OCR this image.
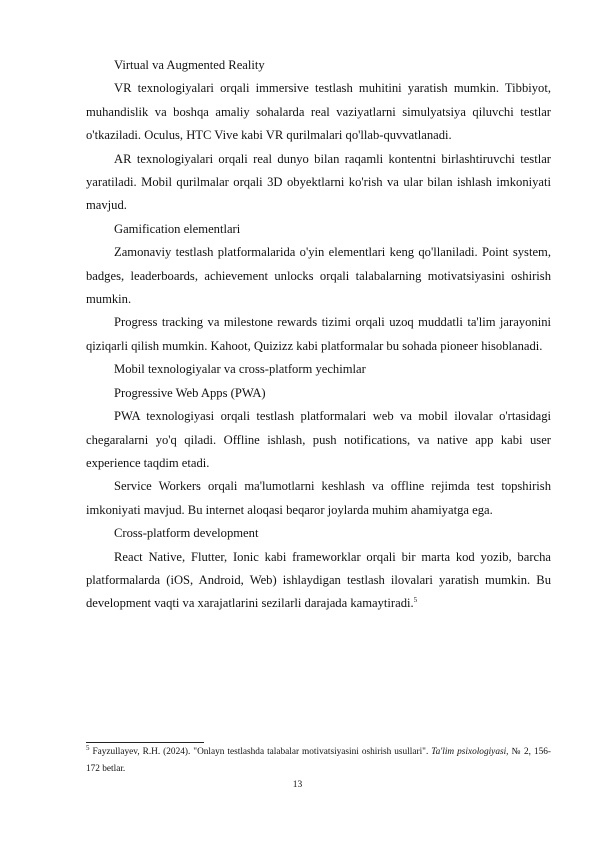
Virtual va Augmented Reality

VR texnologiyalari orqali immersive testlash muhitini yaratish mumkin. Tibbiyot, muhandislik va boshqa amaliy sohalarda real vaziyatlarni simulyatsiya qiluvchi testlar o'tkaziladi. Oculus, HTC Vive kabi VR qurilmalari qo'llab-quvvatlanadi.

AR texnologiyalari orqali real dunyo bilan raqamli kontentni birlashtiruvchi testlar yaratiladi. Mobil qurilmalar orqali 3D obyektlarni ko'rish va ular bilan ishlash imkoniyati mavjud.

Gamification elementlari

Zamonaviy testlash platformalarida o'yin elementlari keng qo'llaniladi. Point system, badges, leaderboards, achievement unlocks orqali talabalarning motivatsiyasini oshirish mumkin.

Progress tracking va milestone rewards tizimi orqali uzoq muddatli ta'lim jarayonini qiziqarli qilish mumkin. Kahoot, Quizizz kabi platformalar bu sohada pioneer hisoblanadi.

Mobil texnologiyalar va cross-platform yechimlar

Progressive Web Apps (PWA)

PWA texnologiyasi orqali testlash platformalari web va mobil ilovalar o'rtasidagi chegaralarni yo'q qiladi. Offline ishlash, push notifications, va native app kabi user experience taqdim etadi.

Service Workers orqali ma'lumotlarni keshlash va offline rejimda test topshirish imkoniyati mavjud. Bu internet aloqasi beqaror joylarda muhim ahamiyatga ega.

Cross-platform development

React Native, Flutter, Ionic kabi frameworklar orqali bir marta kod yozib, barcha platformalarda (iOS, Android, Web) ishlaydigan testlash ilovalari yaratish mumkin. Bu development vaqti va xarajatlarini sezilarli darajada kamaytiradi.$^5$

$^5$ Fayzullayev, R.H. (2024). "Onlayn testlashda talabalar motivatsiyasini oshirish usullari". Ta'lim psixologiyasi, № 2, 156-172 betlar.
13
